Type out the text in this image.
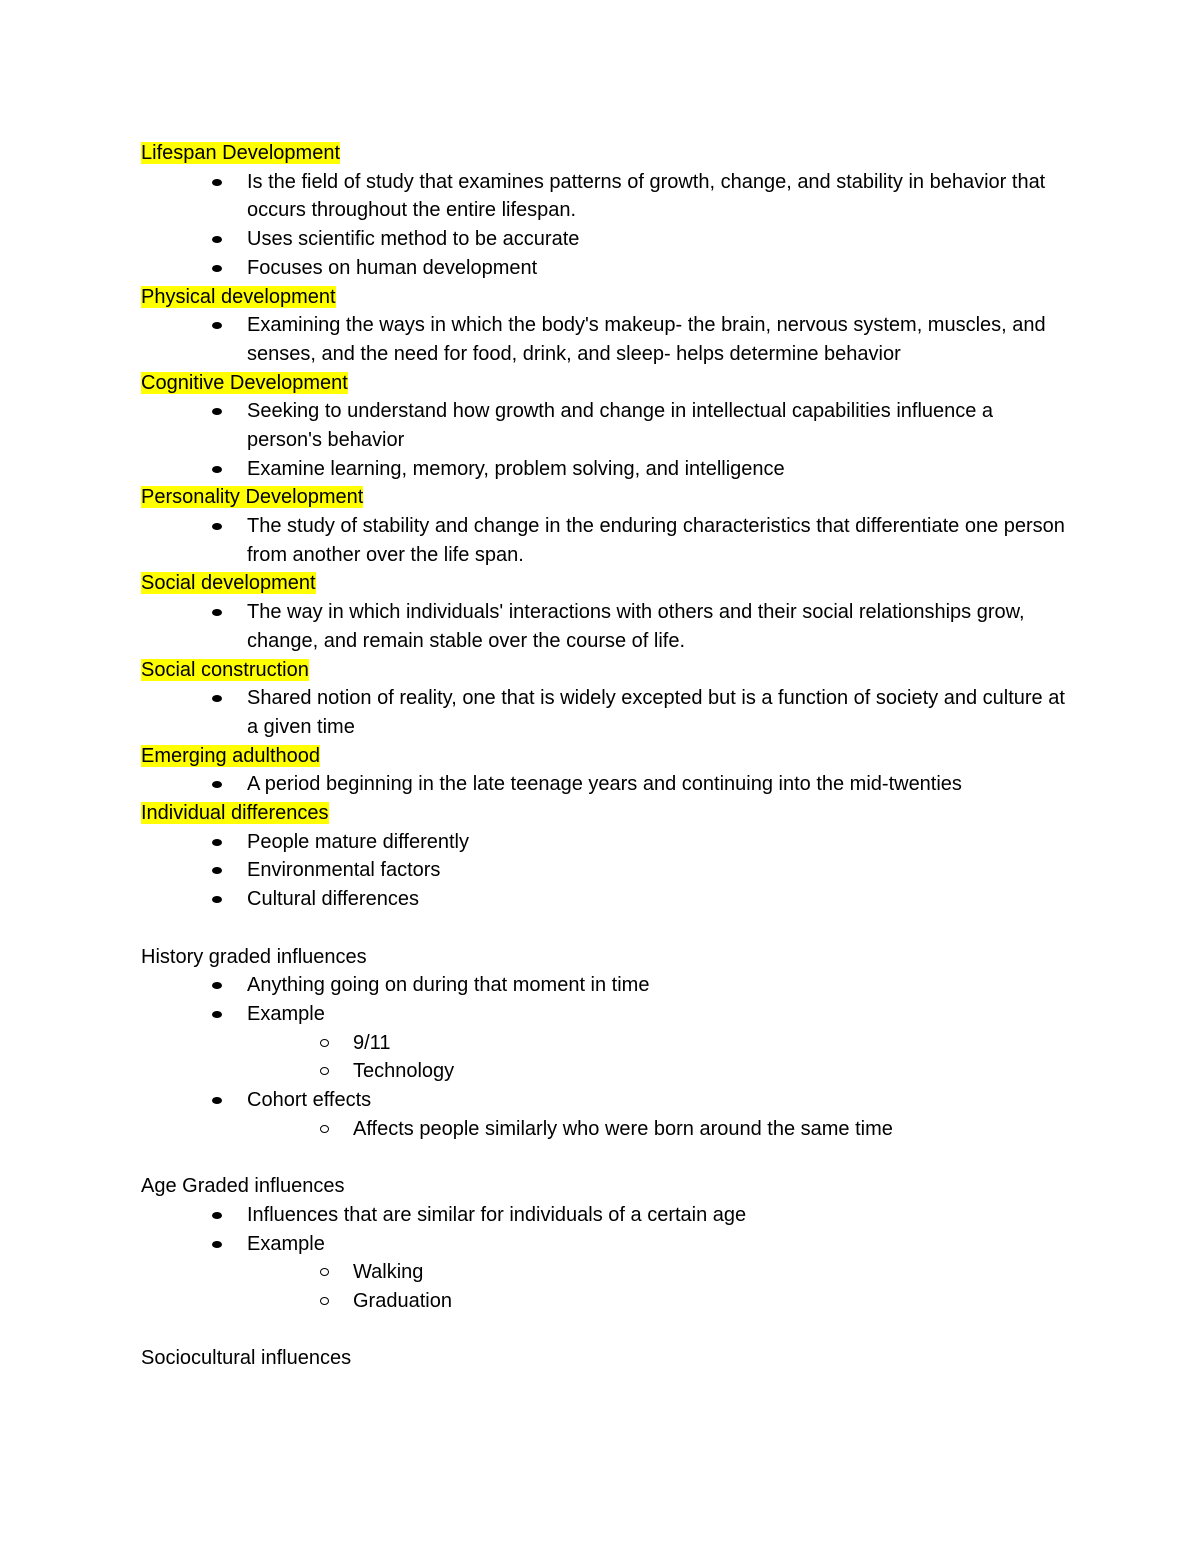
Lifespan Development
Is the field of study that examines patterns of growth, change, and stability in behavior that occurs throughout the entire lifespan.
Uses scientific method to be accurate
Focuses on human development
Physical development
Examining the ways in which the body's makeup- the brain, nervous system, muscles, and senses, and the need for food, drink, and sleep- helps determine behavior
Cognitive Development
Seeking to understand how growth and change in intellectual capabilities influence a person's behavior
Examine learning, memory, problem solving, and intelligence
Personality Development
The study of stability and change in the enduring characteristics that differentiate one person from another over the life span.
Social development
The way in which individuals' interactions with others and their social relationships grow, change, and remain stable over the course of life.
Social construction
Shared notion of reality, one that is widely excepted but is a function of society and culture at a given time
Emerging adulthood
A period beginning in the late teenage years and continuing into the mid-twenties
Individual differences
People mature differently
Environmental factors
Cultural differences
History graded influences
Anything going on during that moment in time
Example
9/11
Technology
Cohort effects
Affects people similarly who were born around the same time
Age Graded influences
Influences that are similar for individuals of a certain age
Example
Walking
Graduation
Sociocultural influences
